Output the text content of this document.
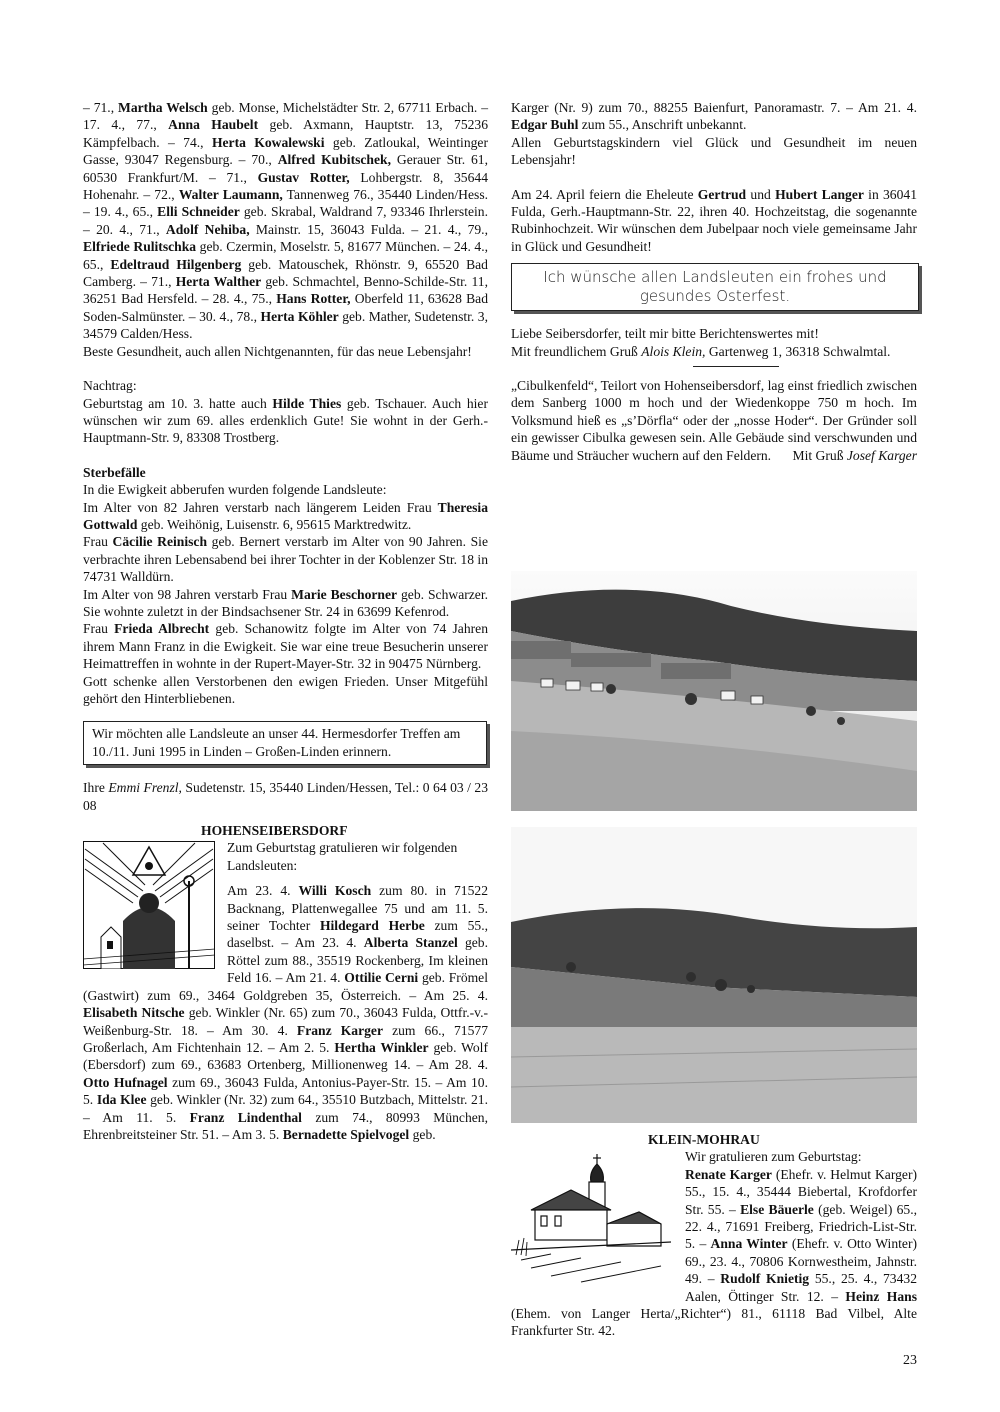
– 71., Martha Welsch geb. Monse, Michelstädter Str. 2, 67711 Erbach. – 17. 4., 77., Anna Haubelt geb. Axmann, Hauptstr. 13, 75236 Kämpfelbach. – 74., Herta Kowalewski geb. Zatloukal, Weintinger Gasse, 93047 Regensburg. – 70., Alfred Kubitschek, Gerauer Str. 61, 60530 Frankfurt/M. – 71., Gustav Rotter, Lohbergstr. 8, 35644 Hohenahr. – 72., Walter Laumann, Tannenweg 76., 35440 Linden/Hess. – 19. 4., 65., Elli Schneider geb. Skrabal, Waldrand 7, 93346 Ihrlerstein. – 20. 4., 71., Adolf Nehiba, Mainstr. 15, 36043 Fulda. – 21. 4., 79., Elfriede Rulitschka geb. Czermin, Moselstr. 5, 81677 München. – 24. 4., 65., Edeltraud Hilgenberg geb. Matouschek, Rhönstr. 9, 65520 Bad Camberg. – 71., Herta Walther geb. Schmachtel, Benno-Schilde-Str. 11, 36251 Bad Hersfeld. – 28. 4., 75., Hans Rotter, Oberfeld 11, 63628 Bad Soden-Salmünster. – 30. 4., 78., Herta Köhler geb. Mather, Sudetenstr. 3, 34579 Calden/Hess.

Beste Gesundheit, auch allen Nichtgenannten, für das neue Lebensjahr!

Nachtrag:

Geburtstag am 10. 3. hatte auch Hilde Thies geb. Tschauer. Auch hier wünschen wir zum 69. alles erdenklich Gute! Sie wohnt in der Gerh.-Hauptmann-Str. 9, 83308 Trostberg.

Sterbefälle

In die Ewigkeit abberufen wurden folgende Landsleute:

Im Alter von 82 Jahren verstarb nach längerem Leiden Frau Theresia Gottwald geb. Weihönig, Luisenstr. 6, 95615 Marktredwitz.

Frau Cäcilie Reinisch geb. Bernert verstarb im Alter von 90 Jahren. Sie verbrachte ihren Lebensabend bei ihrer Tochter in der Koblenzer Str. 18 in 74731 Walldürn.

Im Alter von 98 Jahren verstarb Frau Marie Beschorner geb. Schwarzer. Sie wohnte zuletzt in der Bindsachsener Str. 24 in 63699 Kefenrod.

Frau Frieda Albrecht geb. Schanowitz folgte im Alter von 74 Jahren ihrem Mann Franz in die Ewigkeit. Sie war eine treue Besucherin unserer Heimattreffen in wohnte in der Rupert-Mayer-Str. 32 in 90475 Nürnberg.

Gott schenke allen Verstorbenen den ewigen Frieden. Unser Mitgefühl gehört den Hinterbliebenen.

Wir möchten alle Landsleute an unser 44. Hermesdorfer Treffen am 10./11. Juni 1995 in Linden – Großen-Linden erinnern.

Ihre Emmi Frenzl, Sudetenstr. 15, 35440 Linden/Hessen, Tel.: 0 64 03 / 23 08

HOHENSEIBERSDORF

Zum Geburtstag gratulieren wir folgenden Landsleuten:

Am 23. 4. Willi Kosch zum 80. in 71522 Backnang, Plattenwegallee 75 und am 11. 5. seiner Tochter Hildegard Herbe zum 55., daselbst. – Am 23. 4. Alberta Stanzel geb. Röttel zum 88., 35519 Rockenberg, Im kleinen Feld 16. – Am 21. 4. Ottilie Cerni geb. Frömel (Gastwirt) zum 69., 3464 Goldgreben 35, Österreich. – Am 25. 4. Elisabeth Nitsche geb. Winkler (Nr. 65) zum 70., 36043 Fulda, Ottfr.-v.-Weißenburg-Str. 18. – Am 30. 4. Franz Karger zum 66., 71577 Großerlach, Am Fichtenhain 12. – Am 2. 5. Hertha Winkler geb. Wolf (Ebersdorf) zum 69., 63683 Ortenberg, Millionenweg 14. – Am 28. 4. Otto Hufnagel zum 69., 36043 Fulda, Antonius-Payer-Str. 15. – Am 10. 5. Ida Klee geb. Winkler (Nr. 32) zum 64., 35510 Butzbach, Mittelstr. 21. – Am 11. 5. Franz Lindenthal zum 74., 80993 München, Ehrenbreitsteiner Str. 51. – Am 3. 5. Bernadette Spielvogel geb.

Karger (Nr. 9) zum 70., 88255 Baienfurt, Panoramastr. 7. – Am 21. 4. Edgar Buhl zum 55., Anschrift unbekannt.

Allen Geburtstagskindern viel Glück und Gesundheit im neuen Lebensjahr!

Am 24. April feiern die Eheleute Gertrud und Hubert Langer in 36041 Fulda, Gerh.-Hauptmann-Str. 22, ihren 40. Hochzeitstag, die sogenannte Rubinhochzeit. Wir wünschen dem Jubelpaar noch viele gemeinsame Jahr in Glück und Gesundheit!

Ich wünsche allen Landsleuten ein frohes und gesundes Osterfest.

Liebe Seibersdorfer, teilt mir bitte Berichtenswertes mit!

Mit freundlichem Gruß Alois Klein, Gartenweg 1, 36318 Schwalmtal.

„Cibulkenfeld“, Teilort von Hohenseibersdorf, lag einst friedlich zwischen dem Sanberg 1000 m hoch und der Wiedenkoppe 750 m hoch. Im Volksmund hieß es „s’Dörfla“ oder der „nosse Hoder“. Der Gründer soll ein gewisser Cibulka gewesen sein. Alle Gebäude sind verschwunden und Bäume und Sträucher wuchern auf den Feldern. Mit Gruß Josef Karger

KLEIN-MOHRAU

Wir gratulieren zum Geburtstag:

Renate Karger (Ehefr. v. Helmut Karger) 55., 15. 4., 35444 Biebertal, Krofdorfer Str. 55. – Else Bäuerle (geb. Weigel) 65., 22. 4., 71691 Freiberg, Friedrich-List-Str. 5. – Anna Winter (Ehefr. v. Otto Winter) 69., 23. 4., 70806 Kornwestheim, Jahnstr. 49. – Rudolf Knietig 55., 25. 4., 73432 Aalen, Öttinger Str. 12. – Heinz Hans (Ehem. von Langer Herta/„Richter“) 81., 61118 Bad Vilbel, Alte Frankfurter Str. 42.

23
